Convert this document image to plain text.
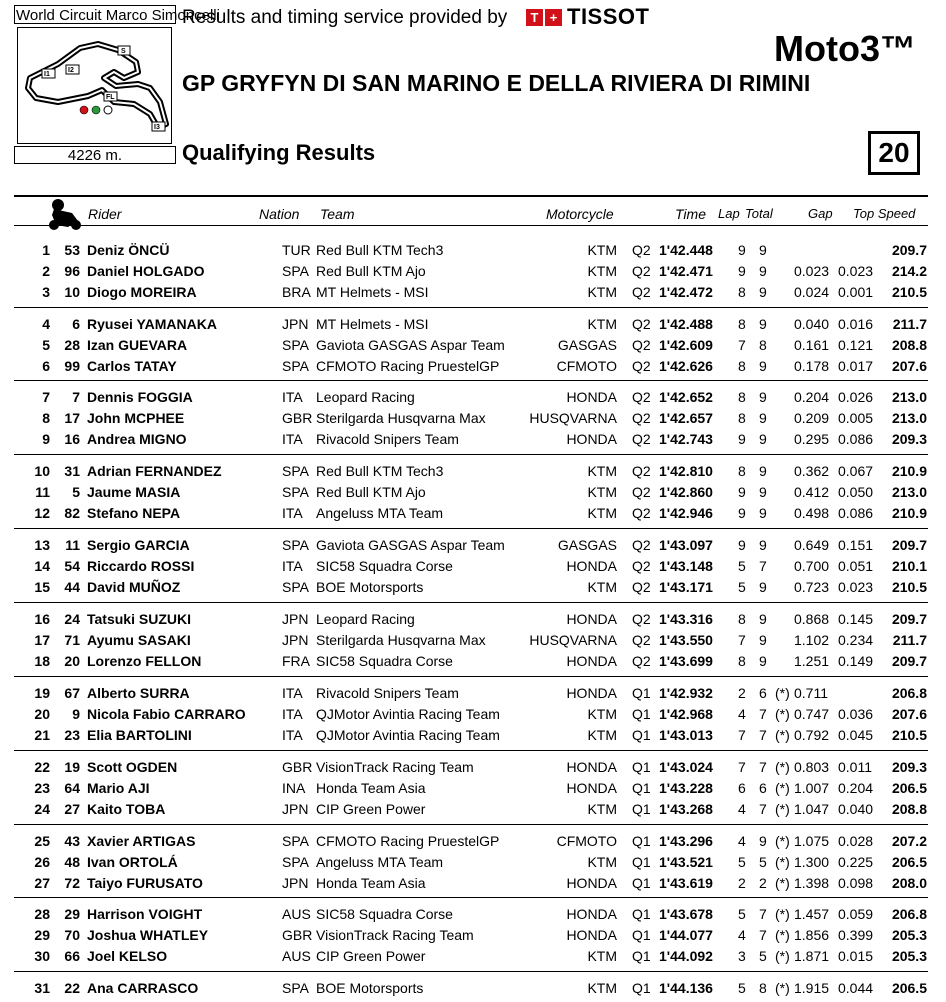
World Circuit Marco Simoncelli
Results and timing service provided by	T + TISSOT
S
I1
I2
I3
FL
4226 m.
Moto3™
GP GRYFYN DI SAN MARINO E DELLA RIVIERA DI RIMINI
Qualifying Results	20
Rider	Nation Team	Motorcycle	Time Lap Total	Gap Top Speed
1 53 Deniz ÖNCÜ	TUR Red Bull KTM Tech3	KTM Q2 1'42.448 9 9	209.7
2 96 Daniel HOLGADO	SPA Red Bull KTM Ajo	KTM Q2 1'42.471 9 9 0.023 0.023 214.2
3 10 Diogo MOREIRA	BRA MT Helmets - MSI	KTM Q2 1'42.472 8 9 0.024 0.001 210.5
4 6 Ryusei YAMANAKA	JPN MT Helmets - MSI	KTM Q2 1'42.488 8 9 0.040 0.016 211.7
5 28 Izan GUEVARA	SPA Gaviota GASGAS Aspar Team	GASGAS Q2 1'42.609 7 8 0.161 0.121 208.8
6 99 Carlos TATAY	SPA CFMOTO Racing PruestelGP	CFMOTO Q2 1'42.626 8 9 0.178 0.017 207.6
7 7 Dennis FOGGIA	ITA Leopard Racing	HONDA Q2 1'42.652 8 9 0.204 0.026 213.0
8 17 John MCPHEE	GBR Sterilgarda Husqvarna Max	HUSQVARNA Q2 1'42.657 8 9 0.209 0.005 213.0
9 16 Andrea MIGNO	ITA Rivacold Snipers Team	HONDA Q2 1'42.743 9 9 0.295 0.086 209.3
10 31 Adrian FERNANDEZ	SPA Red Bull KTM Tech3	KTM Q2 1'42.810 8 9 0.362 0.067 210.9
11 5 Jaume MASIA	SPA Red Bull KTM Ajo	KTM Q2 1'42.860 9 9 0.412 0.050 213.0
12 82 Stefano NEPA	ITA Angeluss MTA Team	KTM Q2 1'42.946 9 9 0.498 0.086 210.9
13 11 Sergio GARCIA	SPA Gaviota GASGAS Aspar Team	GASGAS Q2 1'43.097 9 9 0.649 0.151 209.7
14 54 Riccardo ROSSI	ITA SIC58 Squadra Corse	HONDA Q2 1'43.148 5 7 0.700 0.051 210.1
15 44 David MUÑOZ	SPA BOE Motorsports	KTM Q2 1'43.171 5 9 0.723 0.023 210.5
16 24 Tatsuki SUZUKI	JPN Leopard Racing	HONDA Q2 1'43.316 8 9 0.868 0.145 209.7
17 71 Ayumu SASAKI	JPN Sterilgarda Husqvarna Max	HUSQVARNA Q2 1'43.550 7 9 1.102 0.234 211.7
18 20 Lorenzo FELLON	FRA SIC58 Squadra Corse	HONDA Q2 1'43.699 8 9 1.251 0.149 209.7
19 67 Alberto SURRA	ITA Rivacold Snipers Team	HONDA Q1 1'42.932 2 6 (*) 0.711	206.8
20 9 Nicola Fabio CARRARO	ITA QJMotor Avintia Racing Team	KTM Q1 1'42.968 4 7 (*) 0.747 0.036 207.6
21 23 Elia BARTOLINI	ITA QJMotor Avintia Racing Team	KTM Q1 1'43.013 7 7 (*) 0.792 0.045 210.5
22 19 Scott OGDEN	GBR VisionTrack Racing Team	HONDA Q1 1'43.024 7 7 (*) 0.803 0.011 209.3
23 64 Mario AJI	INA Honda Team Asia	HONDA Q1 1'43.228 6 6 (*) 1.007 0.204 206.5
24 27 Kaito TOBA	JPN CIP Green Power	KTM Q1 1'43.268 4 7 (*) 1.047 0.040 208.8
25 43 Xavier ARTIGAS	SPA CFMOTO Racing PruestelGP	CFMOTO Q1 1'43.296 4 9 (*) 1.075 0.028 207.2
26 48 Ivan ORTOLÁ	SPA Angeluss MTA Team	KTM Q1 1'43.521 5 5 (*) 1.300 0.225 206.5
27 72 Taiyo FURUSATO	JPN Honda Team Asia	HONDA Q1 1'43.619 2 2 (*) 1.398 0.098 208.0
28 29 Harrison VOIGHT	AUS SIC58 Squadra Corse	HONDA Q1 1'43.678 5 7 (*) 1.457 0.059 206.8
29 70 Joshua WHATLEY	GBR VisionTrack Racing Team	HONDA Q1 1'44.077 4 7 (*) 1.856 0.399 205.3
30 66 Joel KELSO	AUS CIP Green Power	KTM Q1 1'44.092 3 5 (*) 1.871 0.015 205.3
31 22 Ana CARRASCO	SPA BOE Motorsports	KTM Q1 1'44.136 5 8 (*) 1.915 0.044 206.5
